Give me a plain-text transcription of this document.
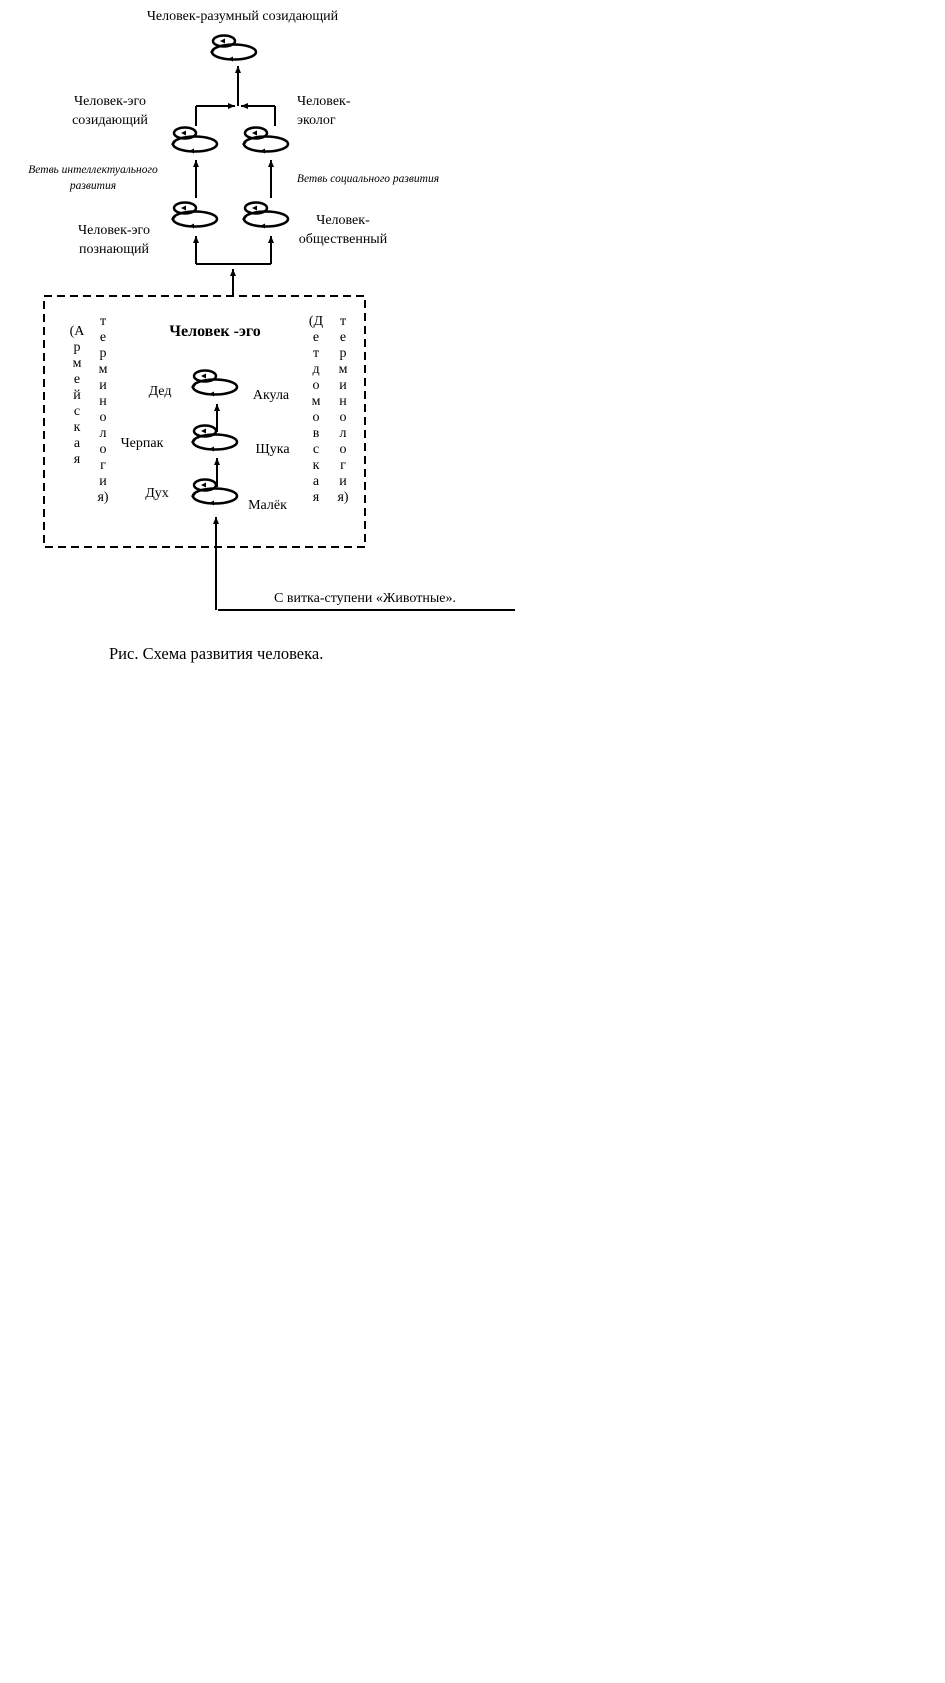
Человек-разумный созидающий
Человек-эго
созидающий
Человек-
эколог
Ветвь интеллектуального
развития
Ветвь социального развития
Человек-эго
познающий
Человек-
общественный
Человек -эго
(А
р
м
е
й
с
к
а
я
т
е
р
м
и
н
о
л
о
г
и
я)
(Д
е
т
д
о
м
о
в
с
к
а
я
т
е
р
м
и
н
о
л
о
г
и
я)
Дед	Акула
Черпак	Щука
Дух
Малёк
С витка-ступени «Животные».
Рис. Схема развития человека.
